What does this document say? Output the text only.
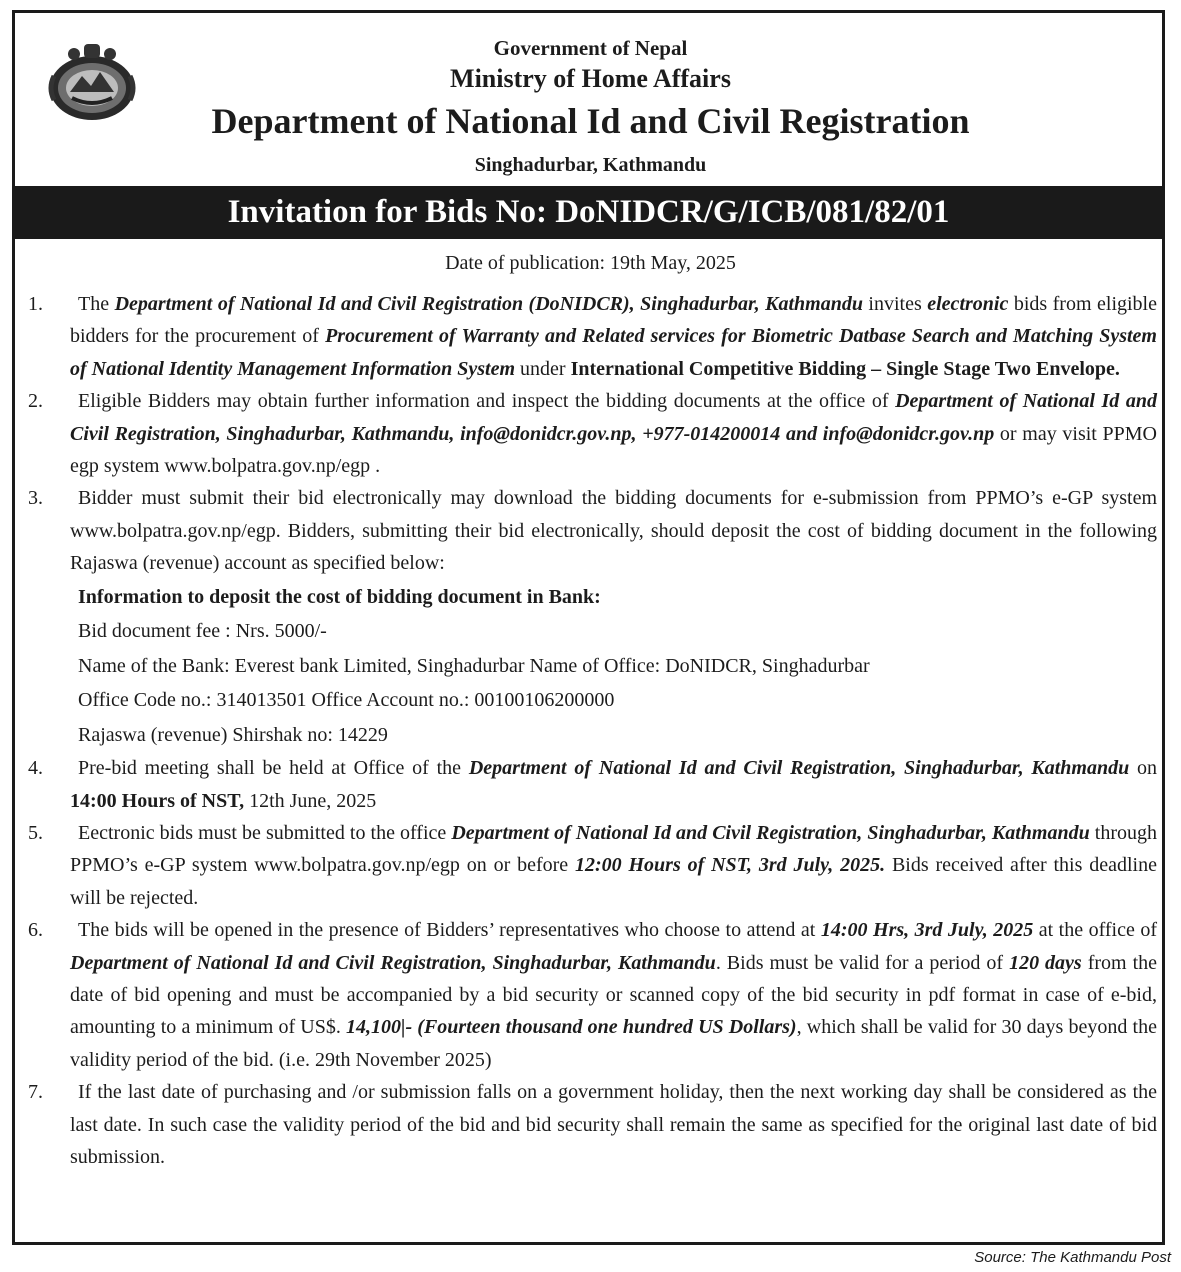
Government of Nepal
Ministry of Home Affairs
Department of National Id and Civil Registration
Singhadurbar, Kathmandu
Invitation for Bids No: DoNIDCR/G/ICB/081/82/01
Date of publication: 19th May, 2025
1. The Department of National Id and Civil Registration (DoNIDCR), Singhadurbar, Kathmandu invites electronic bids from eligible bidders for the procurement of Procurement of Warranty and Related services for Biometric Datbase Search and Matching System of National Identity Management Information System under International Competitive Bidding – Single Stage Two Envelope.
2. Eligible Bidders may obtain further information and inspect the bidding documents at the office of Department of National Id and Civil Registration, Singhadurbar, Kathmandu, info@donidcr.gov.np, +977-014200014 and info@donidcr.gov.np or may visit PPMO egp system www.bolpatra.gov.np/egp .
3. Bidder must submit their bid electronically may download the bidding documents for e-submission from PPMO’s e-GP system www.bolpatra.gov.np/egp. Bidders, submitting their bid electronically, should deposit the cost of bidding document in the following Rajaswa (revenue) account as specified below:
Information to deposit the cost of bidding document in Bank:
Bid document fee : Nrs. 5000/-
Name of the Bank: Everest bank Limited, Singhadurbar Name of Office: DoNIDCR, Singhadurbar
Office Code no.: 314013501 Office Account no.: 00100106200000
Rajaswa (revenue) Shirshak no: 14229
4. Pre-bid meeting shall be held at Office of the Department of National Id and Civil Registration, Singhadurbar, Kathmandu on 14:00 Hours of NST, 12th June, 2025
5. Eectronic bids must be submitted to the office Department of National Id and Civil Registration, Singhadurbar, Kathmandu through PPMO’s e-GP system www.bolpatra.gov.np/egp on or before 12:00 Hours of NST, 3rd July, 2025. Bids received after this deadline will be rejected.
6. The bids will be opened in the presence of Bidders’ representatives who choose to attend at 14:00 Hrs, 3rd July, 2025 at the office of Department of National Id and Civil Registration, Singhadurbar, Kathmandu. Bids must be valid for a period of 120 days from the date of bid opening and must be accompanied by a bid security or scanned copy of the bid security in pdf format in case of e-bid, amounting to a minimum of US$. 14,100|- (Fourteen thousand one hundred US Dollars), which shall be valid for 30 days beyond the validity period of the bid. (i.e. 29th November 2025)
7. If the last date of purchasing and /or submission falls on a government holiday, then the next working day shall be considered as the last date. In such case the validity period of the bid and bid security shall remain the same as specified for the original last date of bid submission.
Source: The Kathmandu Post
